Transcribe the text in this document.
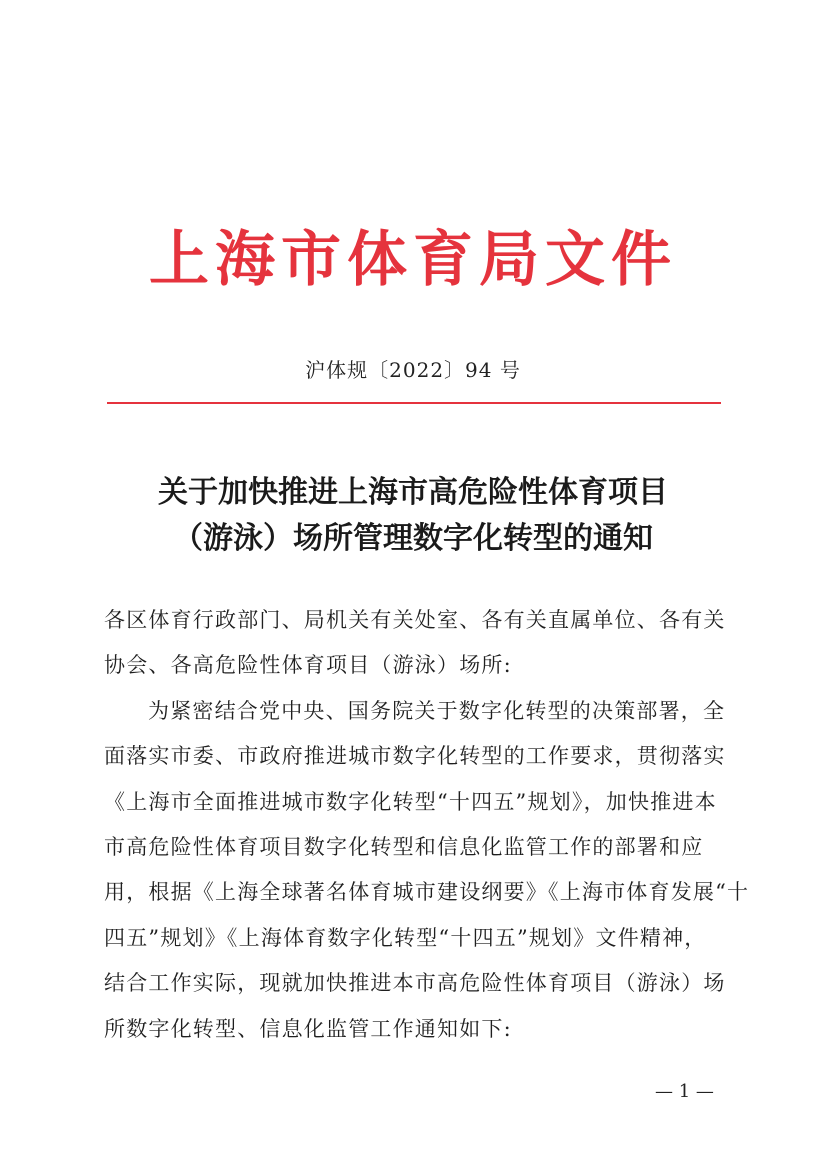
上海市体育局文件
沪体规〔2022〕94 号
关于加快推进上海市高危险性体育项目
（游泳）场所管理数字化转型的通知
各区体育行政部门、局机关有关处室、各有关直属单位、各有关
协会、各高危险性体育项目（游泳）场所:
为紧密结合党中央、国务院关于数字化转型的决策部署，全
面落实市委、市政府推进城市数字化转型的工作要求，贯彻落实
《上海市全面推进城市数字化转型“十四五”规划》，加快推进本
市高危险性体育项目数字化转型和信息化监管工作的部署和应
用，根据《上海全球著名体育城市建设纲要》《上海市体育发展“十
四五”规划》《上海体育数字化转型“十四五”规划》文件精神，
结合工作实际，现就加快推进本市高危险性体育项目（游泳）场
所数字化转型、信息化监管工作通知如下:
— 1 —
